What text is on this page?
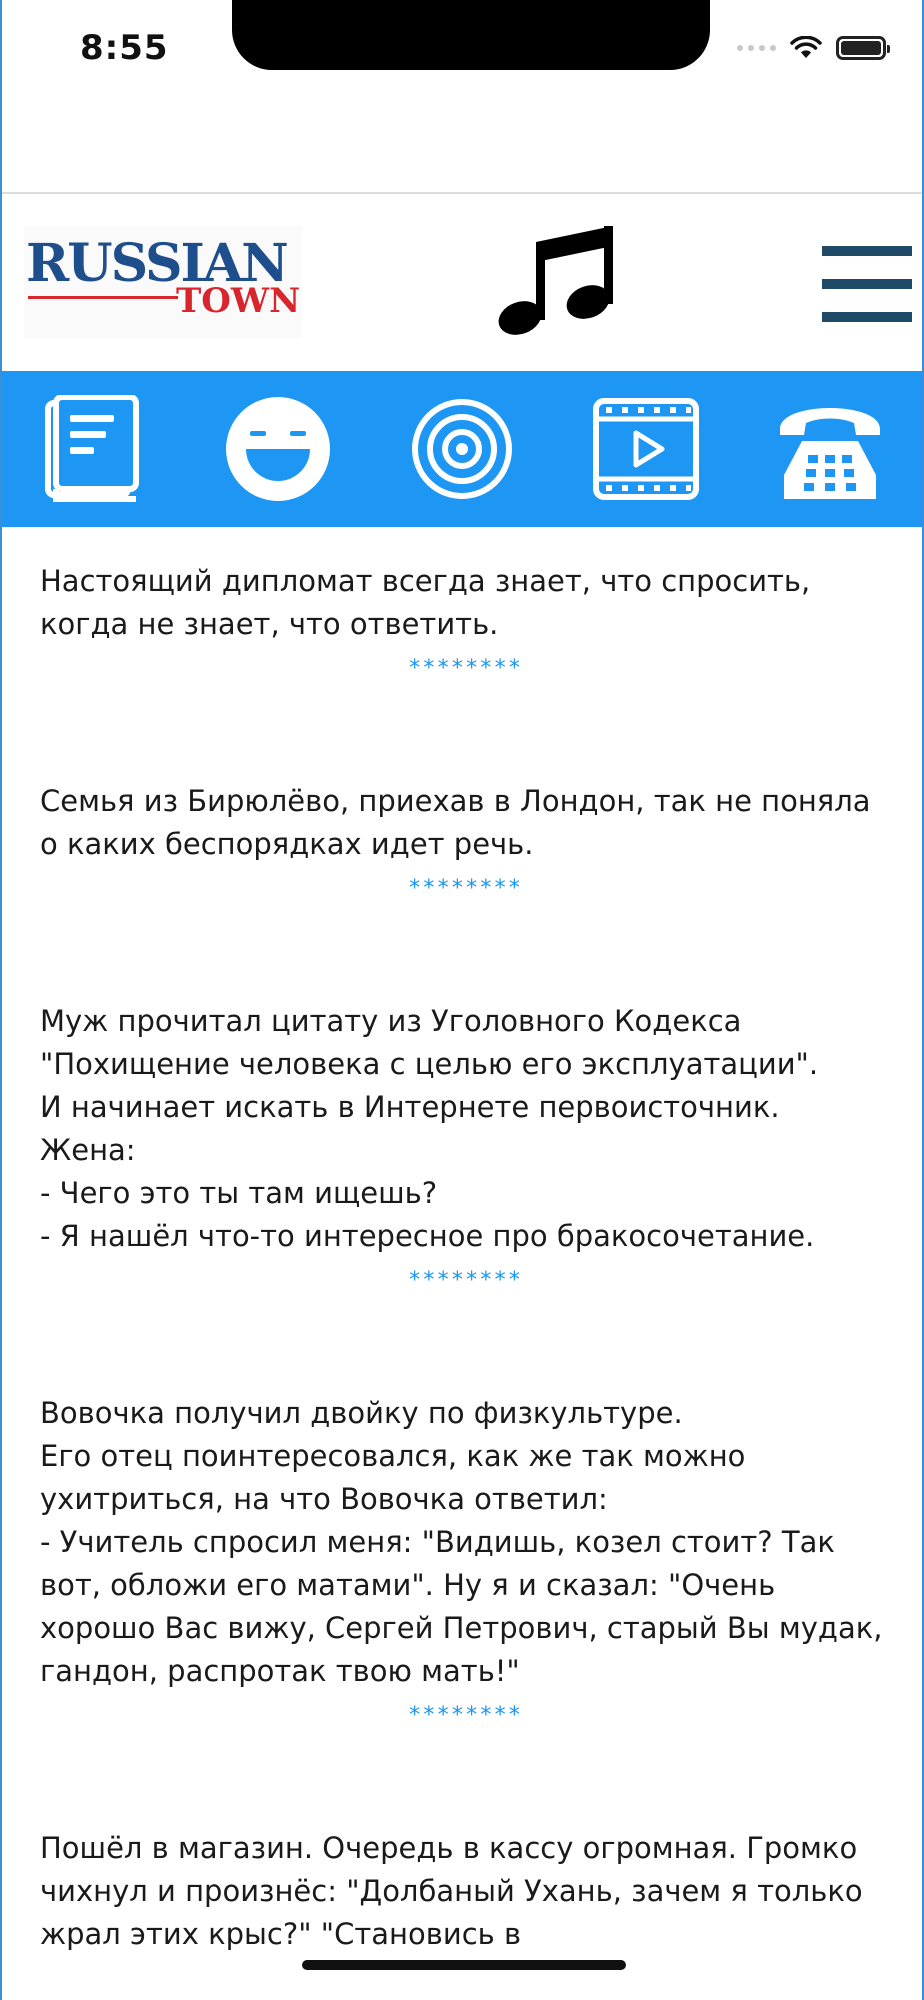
8:55
RUSSIAN
TOWN

Настоящий дипломат всегда знает, что спросить, когда не знает, что ответить.

********

Семья из Бирюлёво, приехав в Лондон, так не поняла о каких беспорядках идет речь.

********

Муж прочитал цитату из Уголовного Кодекса "Похищение человека с целью его эксплуатации".
И начинает искать в Интернете первоисточник.
Жена:
- Чего это ты там ищешь?
- Я нашёл что-то интересное про бракосочетание.

********

Вовочка получил двойку по физкультуре.
Его отец поинтересовался, как же так можно ухитриться, на что Вовочка ответил:
- Учитель спросил меня: "Видишь, козел стоит? Так вот, обложи его матами". Ну я и сказал: "Очень хорошо Вас вижу, Сергей Петрович, старый Вы мудак, гандон, распротак твою мать!"

********

Пошёл в магазин. Очередь в кассу огромная. Громко чихнул и произнёс: "Долбаный Ухань, зачем я только жрал этих крыс?" "Становись в
